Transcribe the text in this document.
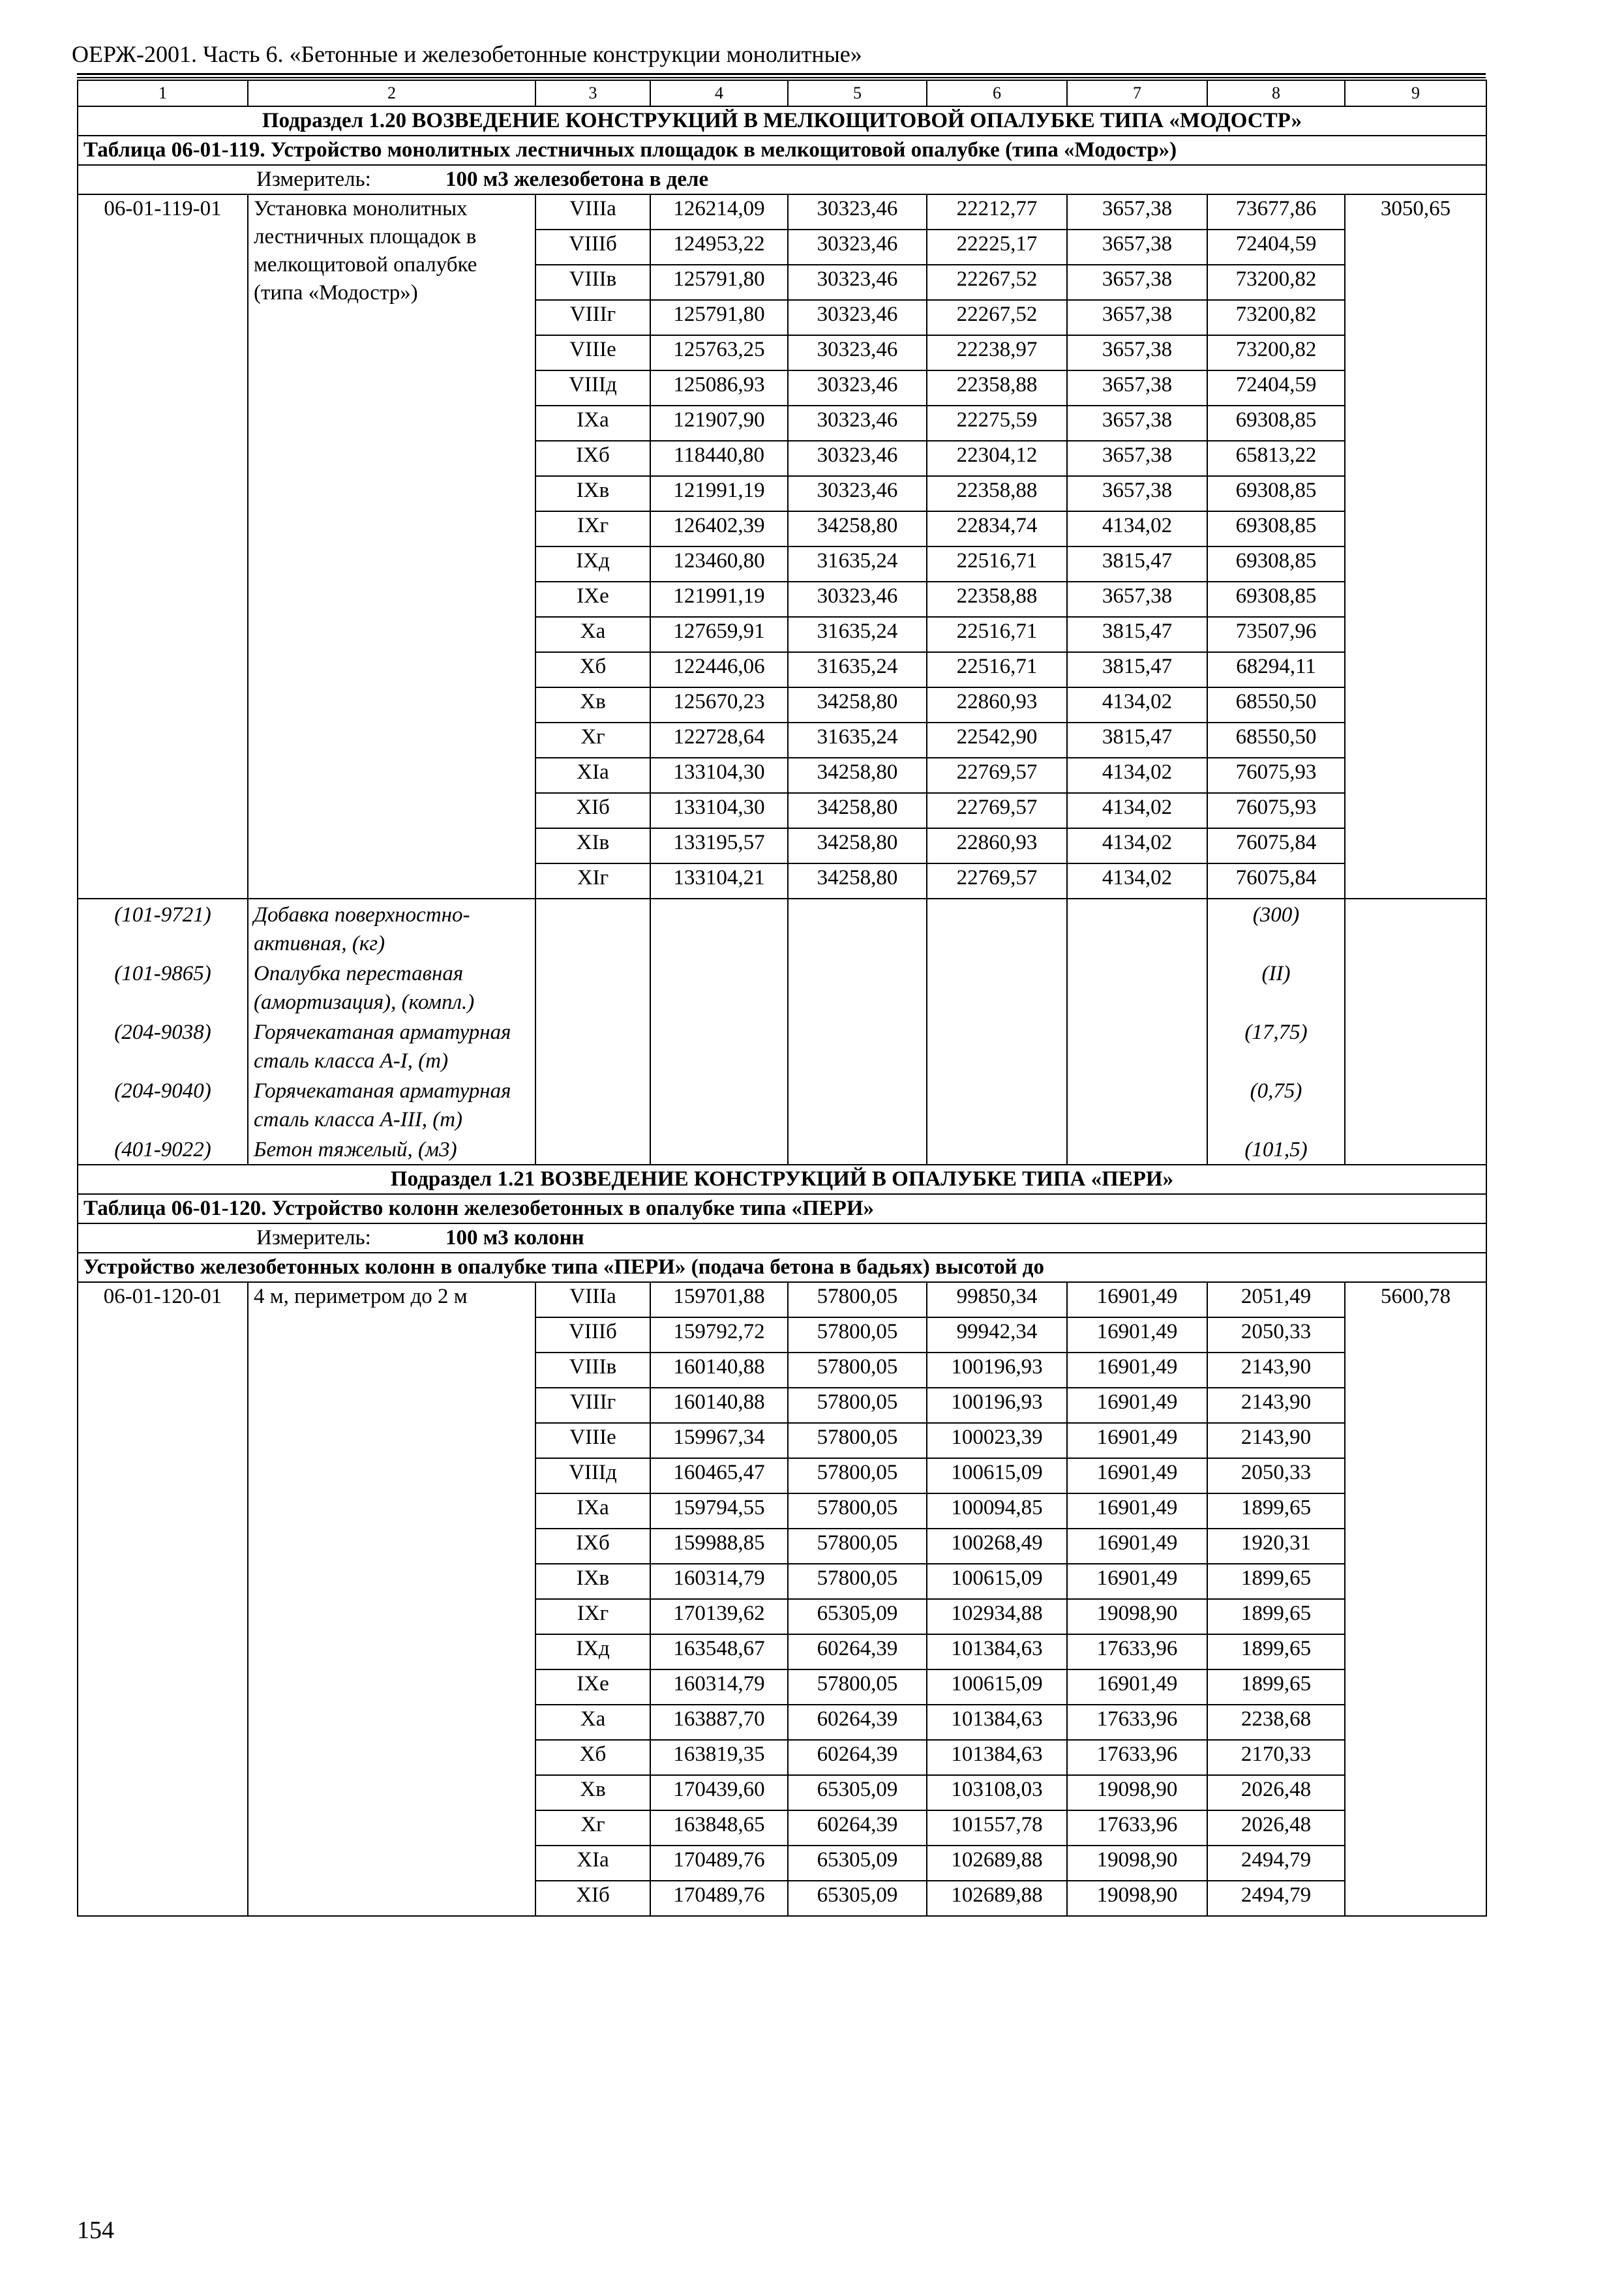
ОЕРЖ-2001. Часть 6. «Бетонные и железобетонные конструкции монолитные»
1	2	3	4	5	6	7	8	9
Подраздел 1.20 ВОЗВЕДЕНИЕ КОНСТРУКЦИЙ В МЕЛКОЩИТОВОЙ ОПАЛУБКЕ ТИПА «МОДОСТР»								
Таблица 06-01-119. Устройство монолитных лестничных площадок в мелкощитовой опалубке (типа «Модостр»)								
Измеритель: 100 м3 железобетона в деле								
06-01-119-01	Установка монолитных лестничных площадок в мелкощитовой опалубке (типа «Модостр»)	VIIIа	126214,09	30323,46	22212,77	3657,38	73677,86	3050,65
		VIIIб	124953,22	30323,46	22225,17	3657,38	72404,59	
		VIIIв	125791,80	30323,46	22267,52	3657,38	73200,82	
		VIIIг	125791,80	30323,46	22267,52	3657,38	73200,82	
		VIIIе	125763,25	30323,46	22238,97	3657,38	73200,82	
		VIIIд	125086,93	30323,46	22358,88	3657,38	72404,59	
		IXа	121907,90	30323,46	22275,59	3657,38	69308,85	
		IXб	118440,80	30323,46	22304,12	3657,38	65813,22	
		IXв	121991,19	30323,46	22358,88	3657,38	69308,85	
		IXг	126402,39	34258,80	22834,74	4134,02	69308,85	
		IXд	123460,80	31635,24	22516,71	3815,47	69308,85	
		IXе	121991,19	30323,46	22358,88	3657,38	69308,85	
		Xа	127659,91	31635,24	22516,71	3815,47	73507,96	
		Xб	122446,06	31635,24	22516,71	3815,47	68294,11	
		Xв	125670,23	34258,80	22860,93	4134,02	68550,50	
		Xг	122728,64	31635,24	22542,90	3815,47	68550,50	
		XIа	133104,30	34258,80	22769,57	4134,02	76075,93	
		XIб	133104,30	34258,80	22769,57	4134,02	76075,93	
		XIв	133195,57	34258,80	22860,93	4134,02	76075,84	
		XIг	133104,21	34258,80	22769,57	4134,02	76075,84	
(101-9721)	Добавка поверхностно-активная, (кг)						(300)	
(101-9865)	Опалубка переставная (амортизация), (компл.)						(II)	
(204-9038)	Горячекатаная арматурная сталь класса А-I, (т)						(17,75)	
(204-9040)	Горячекатаная арматурная сталь класса А-III, (т)						(0,75)	
(401-9022)	Бетон тяжелый, (м3)						(101,5)	
Подраздел 1.21 ВОЗВЕДЕНИЕ КОНСТРУКЦИЙ В ОПАЛУБКЕ ТИПА «ПЕРИ»								
Таблица 06-01-120. Устройство колонн железобетонных в опалубке типа «ПЕРИ»								
Измеритель: 100 м3 колонн								
Устройство железобетонных колонн в опалубке типа «ПЕРИ» (подача бетона в бадьях) высотой до								
06-01-120-01	4 м, периметром до 2 м	VIIIа	159701,88	57800,05	99850,34	16901,49	2051,49	5600,78
		VIIIб	159792,72	57800,05	99942,34	16901,49	2050,33	
		VIIIв	160140,88	57800,05	100196,93	16901,49	2143,90	
		VIIIг	160140,88	57800,05	100196,93	16901,49	2143,90	
		VIIIе	159967,34	57800,05	100023,39	16901,49	2143,90	
		VIIIд	160465,47	57800,05	100615,09	16901,49	2050,33	
		IXа	159794,55	57800,05	100094,85	16901,49	1899,65	
		IXб	159988,85	57800,05	100268,49	16901,49	1920,31	
		IXв	160314,79	57800,05	100615,09	16901,49	1899,65	
		IXг	170139,62	65305,09	102934,88	19098,90	1899,65	
		IXд	163548,67	60264,39	101384,63	17633,96	1899,65	
		IXе	160314,79	57800,05	100615,09	16901,49	1899,65	
		Xа	163887,70	60264,39	101384,63	17633,96	2238,68	
		Xб	163819,35	60264,39	101384,63	17633,96	2170,33	
		Xв	170439,60	65305,09	103108,03	19098,90	2026,48	
		Xг	163848,65	60264,39	101557,78	17633,96	2026,48	
		XIа	170489,76	65305,09	102689,88	19098,90	2494,79	
		XIб	170489,76	65305,09	102689,88	19098,90	2494,79	
154
